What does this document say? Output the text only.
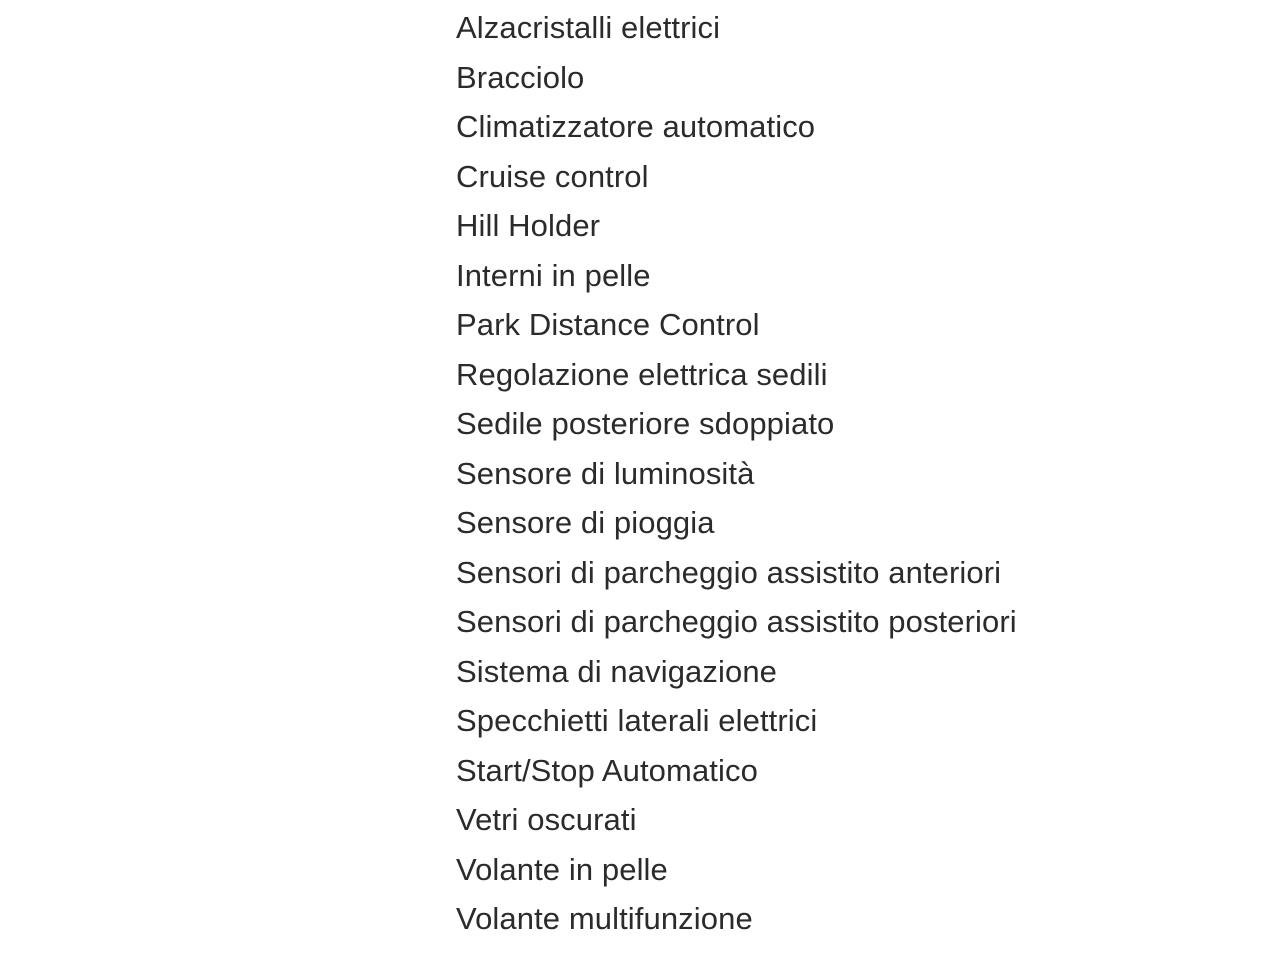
Alzacristalli elettrici
Bracciolo
Climatizzatore automatico
Cruise control
Hill Holder
Interni in pelle
Park Distance Control
Regolazione elettrica sedili
Sedile posteriore sdoppiato
Sensore di luminosità
Sensore di pioggia
Sensori di parcheggio assistito anteriori
Sensori di parcheggio assistito posteriori
Sistema di navigazione
Specchietti laterali elettrici
Start/Stop Automatico
Vetri oscurati
Volante in pelle
Volante multifunzione
